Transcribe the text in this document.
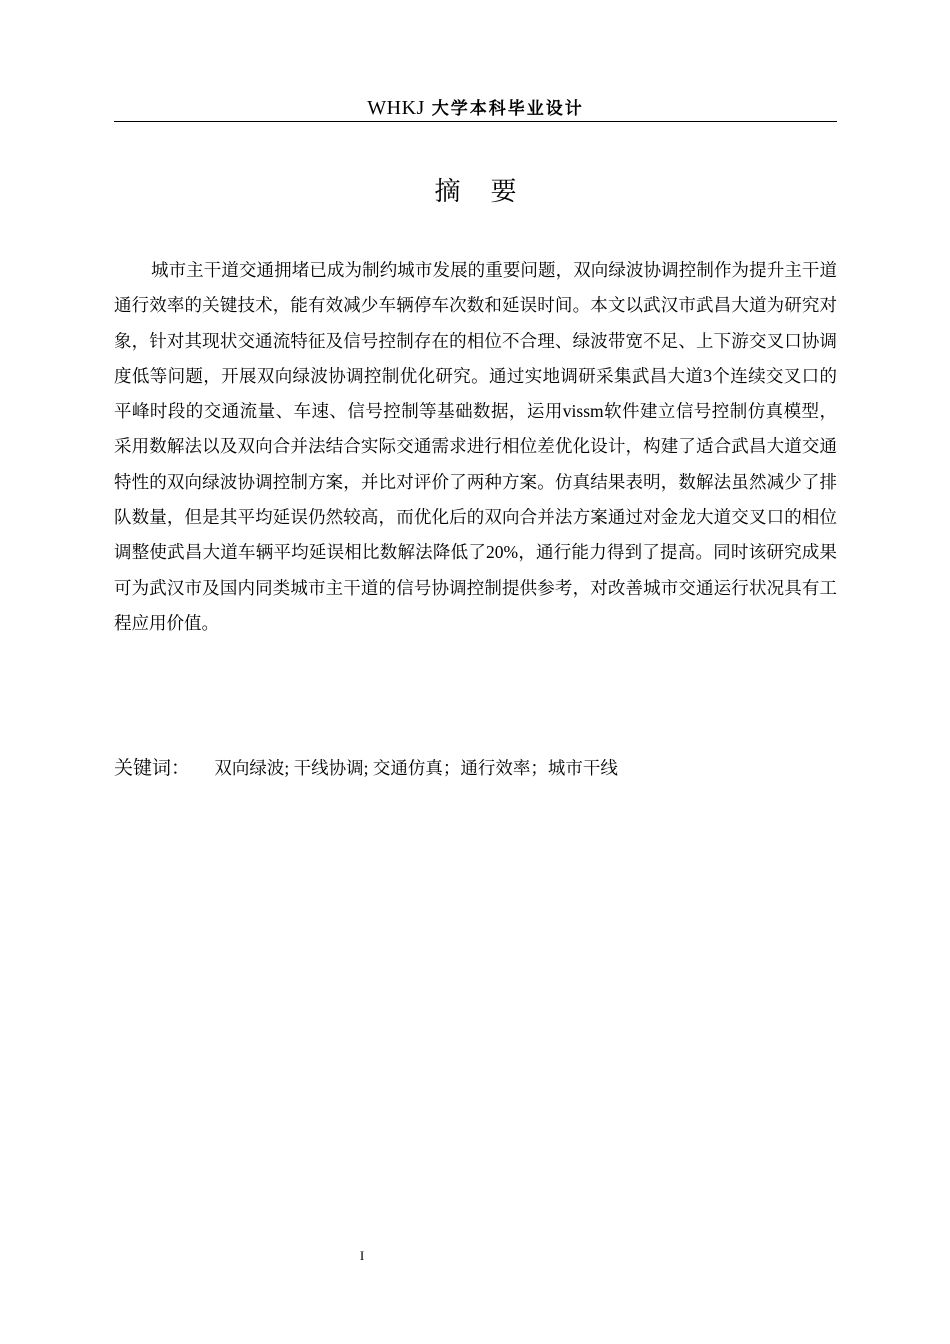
WHKJ 大学本科毕业设计
摘要

城市主干道交通拥堵已成为制约城市发展的重要问题，双向绿波协调控制作为提升主干道通行效率的关键技术，能有效减少车辆停车次数和延误时间。本文以武汉市武昌大道为研究对象，针对其现状交通流特征及信号控制存在的相位不合理、绿波带宽不足、上下游交叉口协调度低等问题，开展双向绿波协调控制优化研究。通过实地调研采集武昌大道3个连续交叉口的平峰时段的交通流量、车速、信号控制等基础数据，运用vissm软件建立信号控制仿真模型，采用数解法以及双向合并法结合实际交通需求进行相位差优化设计，构建了适合武昌大道交通特性的双向绿波协调控制方案，并比对评价了两种方案。仿真结果表明，数解法虽然减少了排队数量，但是其平均延误仍然较高，而优化后的双向合并法方案通过对金龙大道交叉口的相位调整使武昌大道车辆平均延误相比数解法降低了20%，通行能力得到了提高。同时该研究成果可为武汉市及国内同类城市主干道的信号协调控制提供参考，对改善城市交通运行状况具有工程应用价值。

关键词： 双向绿波; 干线协调; 交通仿真；通行效率；城市干线
I
